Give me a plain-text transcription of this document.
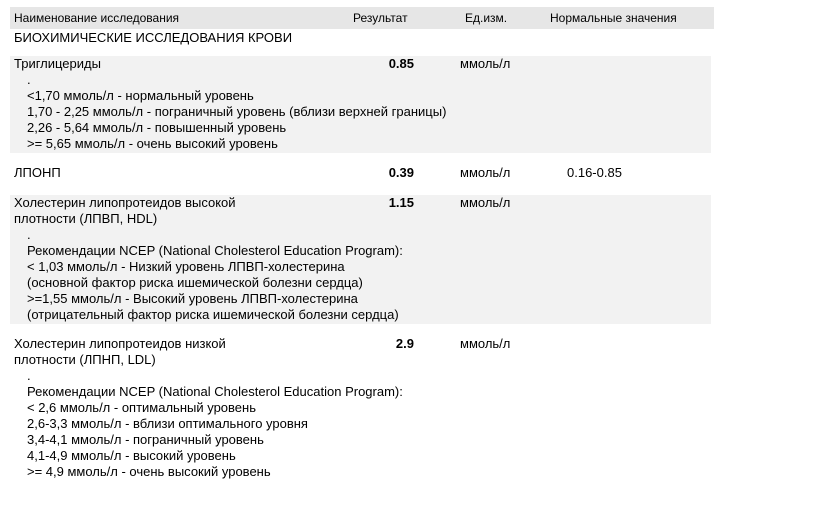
Наименование исследования	Результат	Ед.изм.	Нормальные значения
БИОХИМИЧЕСКИЕ ИССЛЕДОВАНИЯ КРОВИ
Триглицериды	0.85	ммоль/л
.
<1,70 ммоль/л - нормальный уровень
1,70 - 2,25 ммоль/л - пограничный уровень (вблизи верхней границы)
2,26 - 5,64 ммоль/л - повышенный уровень
>= 5,65 ммоль/л - очень высокий уровень
ЛПОНП	0.39	ммоль/л	0.16-0.85
Холестерин липопротеидов высокой
плотности (ЛПВП, HDL)
1.15	ммоль/л
.
Рекомендации NCEP (National Cholesterol Education Program):
< 1,03 ммоль/л - Низкий уровень ЛПВП-холестерина
(основной фактор риска ишемической болезни сердца)
>=1,55 ммоль/л - Высокий уровень ЛПВП-холестерина
(отрицательный фактор риска ишемической болезни сердца)
Холестерин липопротеидов низкой
плотности (ЛПНП, LDL)
2.9	ммоль/л
.
Рекомендации NCEP (National Cholesterol Education Program):
< 2,6 ммоль/л - оптимальный уровень
2,6-3,3 ммоль/л - вблизи оптимального уровня
3,4-4,1 ммоль/л - пограничный уровень
4,1-4,9 ммоль/л - высокий уровень
>= 4,9 ммоль/л - очень высокий уровень
